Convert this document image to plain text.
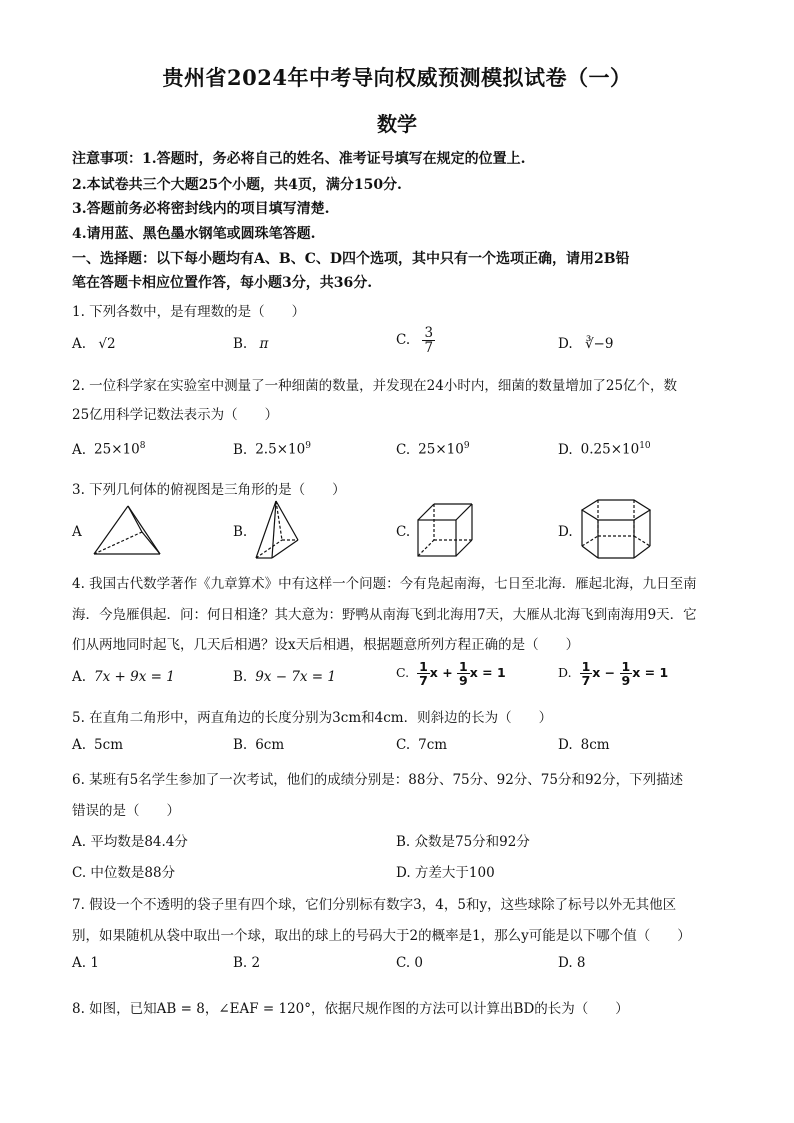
贵州省2024年中考导向权威预测模拟试卷（一）
数学
注意事项：1.答题时，务必将自己的姓名、准考证号填写在规定的位置上.
2.本试卷共三个大题25个小题，共4页，满分150分.
3.答题前务必将密封线内的项目填写清楚.
4.请用蓝、黑色墨水钢笔或圆珠笔答题.
一、选择题：以下每小题均有A、B、C、D四个选项，其中只有一个选项正确，请用2B铅
笔在答题卡相应位置作答，每小题3分，共36分.
1. 下列各数中，是有理数的是（　　）
A. √2	B. π	C. $\frac{3}{7}$	D. ∛−9
2. 一位科学家在实验室中测量了一种细菌的数量，并发现在24小时内，细菌的数量增加了25亿个，数
25亿用科学记数法表示为（　　）
A. $25\times 10^8$	B. $2.5\times 10^9$	C. $25\times 10^9$	D. $0.25\times 10^{10}$
3. 下列几何体的俯视图是三角形的是（　　）
A	B.	C.	D.
4. 我国古代数学著作《九章算术》中有这样一个问题：今有凫起南海，七日至北海．雁起北海，九日至南
海．今凫雁俱起．问：何日相逢？其大意为：野鸭从南海飞到北海用7天，大雁从北海飞到南海用9天．它
们从两地同时起飞，几天后相遇？设x天后相遇，根据题意所列方程正确的是（　　）
A. 7x + 9x = 1	B. 9x − 7x = 1	C. $\frac{1}{7}$ $x + \frac{1}{9}$ x = 1	D. $\frac{1}{7}$ $x - \frac{1}{9}$ x = 1
5. 在直角二角形中，两直角边的长度分别为3cm和4cm．则斜边的长为（　　）
A. 5cm	B. 6cm	C. 7cm	D. 8cm
6. 某班有5名学生参加了一次考试，他们的成绩分别是：88分、75分、92分、75分和92分，下列描述
错误的是（　　）
A. 平均数是84.4分	B. 众数是75分和92分
C. 中位数是88分	D. 方差大于100
7. 假设一个不透明的袋子里有四个球，它们分别标有数字3，4，5和y，这些球除了标号以外无其他区
别，如果随机从袋中取出一个球，取出的球上的号码大于2的概率是1，那么y可能是以下哪个值（　　）
A. 1	B. 2	C. 0	D. 8
8. 如图，已知AB = 8，∠EAF = 120°，依据尺规作图的方法可以计算出BD的长为（　　）
